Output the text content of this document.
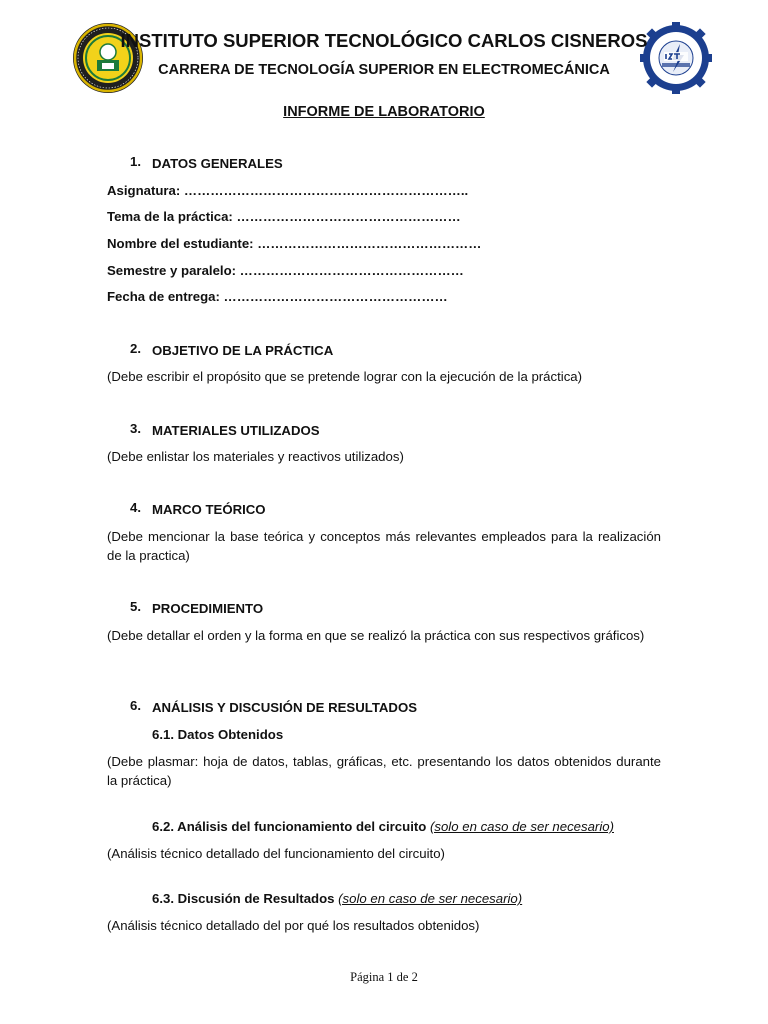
INSTITUTO SUPERIOR TECNOLÓGICO CARLOS CISNEROS
CARRERA DE TECNOLOGÍA SUPERIOR EN ELECTROMECÁNICA
INFORME DE LABORATORIO
1. DATOS GENERALES
Asignatura: ………………………………………………………..
Tema de la práctica: ……………………………………………
Nombre del estudiante: ……………………………………………
Semestre y paralelo: ……………………………………………
Fecha de entrega: ……………………………………………
2. OBJETIVO DE LA PRÁCTICA
(Debe escribir el propósito que se pretende lograr con la ejecución de la práctica)
3. MATERIALES UTILIZADOS
(Debe enlistar los materiales y reactivos utilizados)
4. MARCO TEÓRICO
(Debe mencionar la base teórica y conceptos más relevantes empleados para la realización de la practica)
5. PROCEDIMIENTO
(Debe detallar el orden y la forma en que se realizó la práctica con sus respectivos gráficos)
6. ANÁLISIS Y DISCUSIÓN DE RESULTADOS
6.1. Datos Obtenidos
(Debe plasmar: hoja de datos, tablas, gráficas, etc. presentando los datos obtenidos durante la práctica)
6.2. Análisis del funcionamiento del circuito (solo en caso de ser necesario)
(Análisis técnico detallado del funcionamiento del circuito)
6.3. Discusión de Resultados (solo en caso de ser necesario)
(Análisis técnico detallado del por qué los resultados obtenidos)
Página 1 de 2
